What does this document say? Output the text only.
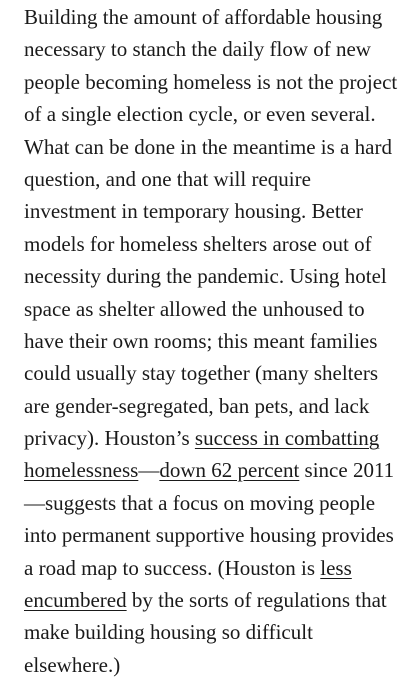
Building the amount of affordable housing
necessary to stanch the daily flow of new
people becoming homeless is not the project
of a single election cycle, or even several.
What can be done in the meantime is a hard
question, and one that will require
investment in temporary housing. Better
models for homeless shelters arose out of
necessity during the pandemic. Using hotel
space as shelter allowed the unhoused to
have their own rooms; this meant families
could usually stay together (many shelters
are gender-segregated, ban pets, and lack
privacy). Houston’s success in combatting
homelessness—down 62 percent since 2011
—suggests that a focus on moving people
into permanent supportive housing provides
a road map to success. (Houston is less
encumbered by the sorts of regulations that
make building housing so difficult
elsewhere.)
